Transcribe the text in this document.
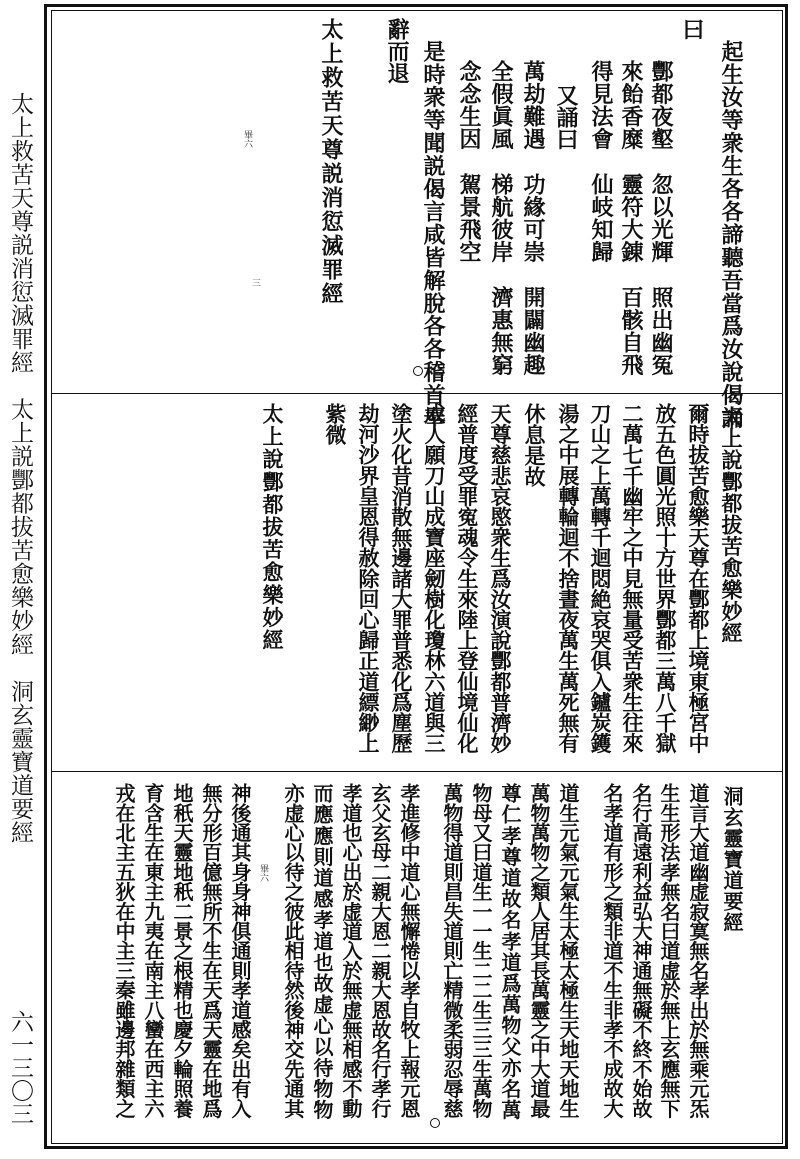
太上救苦天尊説消愆滅罪經　太上説酆都拔苦愈樂妙經　洞玄靈寶道要經
六一三〇三
起生汝等衆生各各諦聽吾當爲汝說偈誦
曰
酆都夜壑　忽以光輝　照出幽冤
來飴香糜　靈符大錬　百骸自飛
得見法會　仙岐知歸
又誦曰
萬劫難遇　功緣可崇　開闢幽趣
全假眞風　梯航彼岸　濟惠無窮
念念生因　駕景飛空
是時衆等聞説偈言咸皆解脫各各稽首奉
辭而退
太上救苦天尊説消愆滅罪經
畢六
三
太上說酆都拔苦愈樂妙經
爾時拔苦愈樂天尊在酆都上境東極宮中
放五色圓光照十方世界酆都三萬八千獄
二萬七千幽牢之中見無量受苦衆生往來
刀山之上萬轉千迴悶絶哀哭俱入鑪炭鑊
湯之中展轉輪迴不捨晝夜萬生萬死無有
休息是故
天尊慈悲哀愍衆生爲汝演說酆都普濟妙
經普度受罪寃魂令生來陸上登仙境仙化
成人願刀山成寶座劒樹化瓊林六道與三
塗火化昔消散無邊諸大罪普悉化爲塵歷
劫河沙界皇恩得赦除回心歸正道縹緲上
紫微
太上說酆都拔苦愈樂妙經
洞玄靈寶道要經
道言大道幽虚寂寞無名孝出於無乘元炁
生生形法孝無名曰道虚於無上玄應無下
名行高遠利益弘大神通無礙不終不始故
名孝道有形之類非道不生非孝不成故大
道生元氣元氣生太極太極生天地天地生
萬物萬物之類人居其長萬靈之中大道最
尊仁孝尊道故名孝道爲萬物父亦名萬
物母又曰道生一一生二二生三三生萬物
萬物得道則昌失道則亡精微柔弱忍辱慈
孝進修中道心無懈惓以孝自牧上報元恩
玄父玄母二親大恩二親大恩故名行孝行
孝道也心出於虚道入於無虚無相感不動
而應應則道感孝道也故虚心以待物物
亦虚心以待之彼此相待然後神交先通其
神後通其身身神俱通則孝道感矣出有入
無分形百億無所不生在天爲天靈在地爲
地秖天靈地秖二景之根精也慶夕輪照養
育含生在東主九夷在南主八蠻在西主六
戎在北主五狄在中主三秦雖邊邦雜類之	畢六
